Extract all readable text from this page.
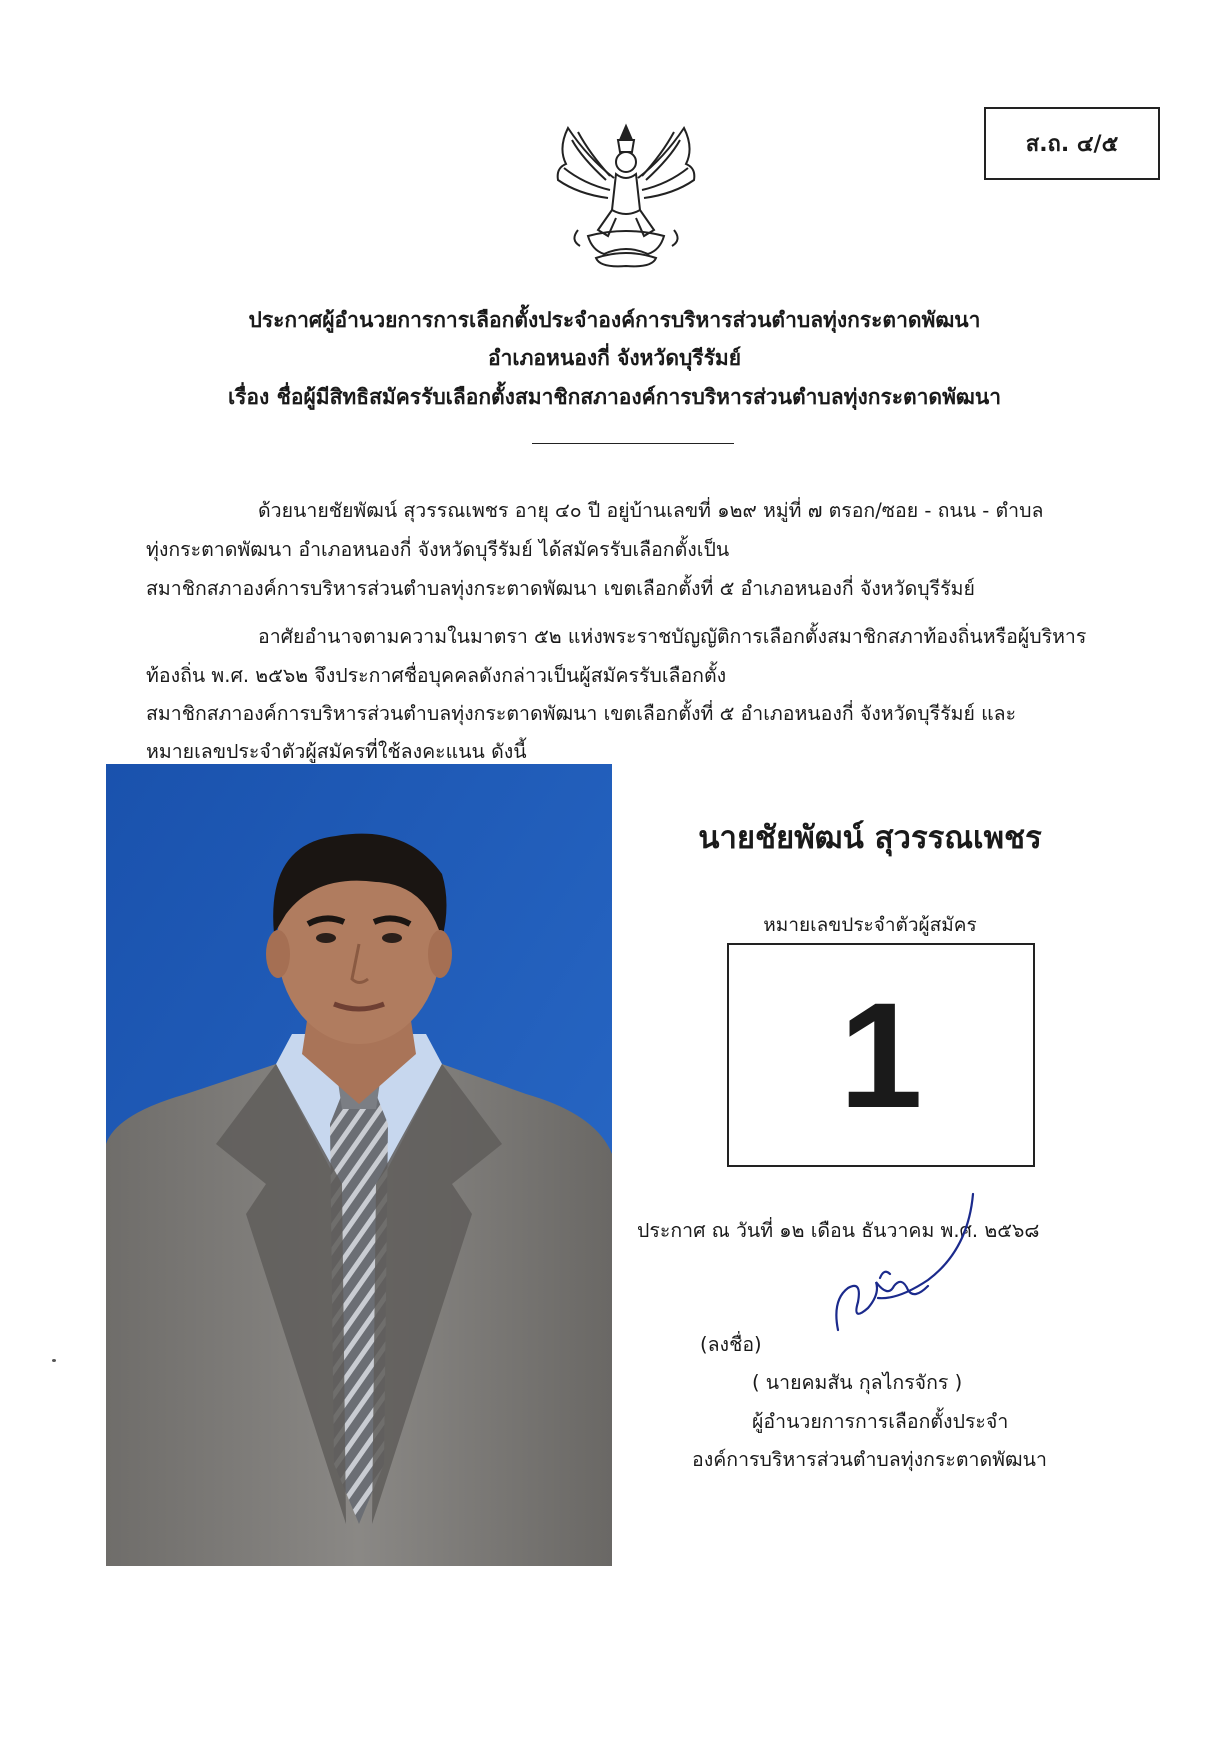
ส.ถ. ๔/๕
ประกาศผู้อำนวยการการเลือกตั้งประจำองค์การบริหารส่วนตำบลทุ่งกระตาดพัฒนา
อำเภอหนองกี่ จังหวัดบุรีรัมย์
เรื่อง ชื่อผู้มีสิทธิสมัครรับเลือกตั้งสมาชิกสภาองค์การบริหารส่วนตำบลทุ่งกระตาดพัฒนา
ด้วยนายชัยพัฒน์ สุวรรณเพชร อายุ ๔๐ ปี อยู่บ้านเลขที่ ๑๒๙ หมู่ที่ ๗ ตรอก/ซอย - ถนน - ตำบล
ทุ่งกระตาดพัฒนา อำเภอหนองกี่ จังหวัดบุรีรัมย์ ได้สมัครรับเลือกตั้งเป็น
สมาชิกสภาองค์การบริหารส่วนตำบลทุ่งกระตาดพัฒนา เขตเลือกตั้งที่ ๕ อำเภอหนองกี่ จังหวัดบุรีรัมย์
อาศัยอำนาจตามความในมาตรา ๕๒ แห่งพระราชบัญญัติการเลือกตั้งสมาชิกสภาท้องถิ่นหรือผู้บริหาร
ท้องถิ่น พ.ศ. ๒๕๖๒ จึงประกาศชื่อบุคคลดังกล่าวเป็นผู้สมัครรับเลือกตั้ง
สมาชิกสภาองค์การบริหารส่วนตำบลทุ่งกระตาดพัฒนา เขตเลือกตั้งที่ ๕ อำเภอหนองกี่ จังหวัดบุรีรัมย์ และ
หมายเลขประจำตัวผู้สมัครที่ใช้ลงคะแนน ดังนี้
นายชัยพัฒน์ สุวรรณเพชร
หมายเลขประจำตัวผู้สมัคร
1
ประกาศ ณ วันที่ ๑๒ เดือน ธันวาคม พ.ศ. ๒๕๖๘
(ลงชื่อ)
( นายคมสัน กุลไกรจักร )
ผู้อำนวยการการเลือกตั้งประจำ
องค์การบริหารส่วนตำบลทุ่งกระตาดพัฒนา
